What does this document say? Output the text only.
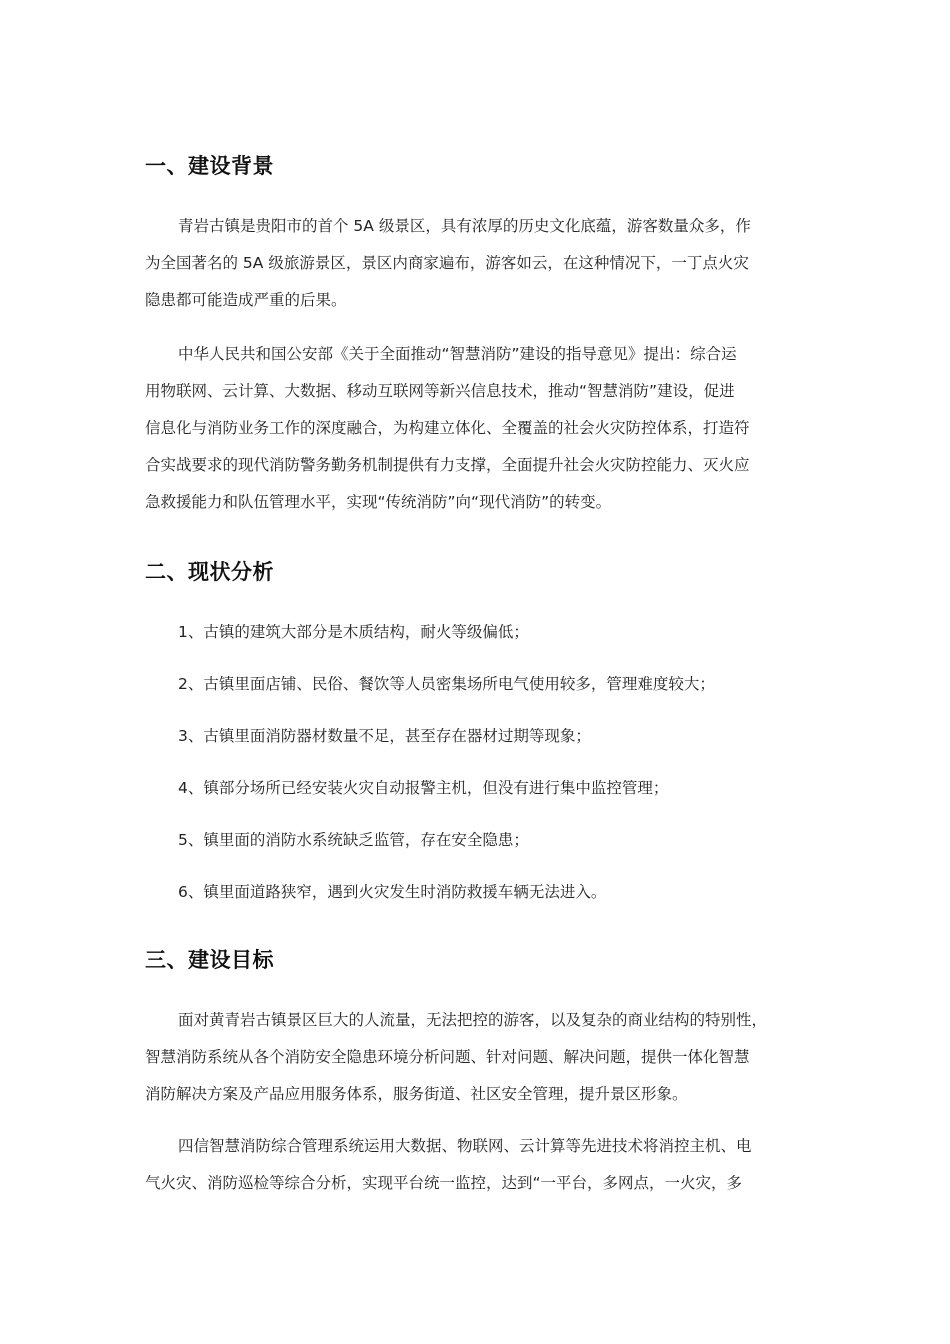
一、建设背景
青岩古镇是贵阳市的首个 5A 级景区，具有浓厚的历史文化底蕴，游客数量众多，作
为全国著名的 5A 级旅游景区，景区内商家遍布，游客如云，在这种情况下，一丁点火灾
隐患都可能造成严重的后果。
中华人民共和国公安部《关于全面推动“智慧消防”建设的指导意见》提出：综合运
用物联网、云计算、大数据、移动互联网等新兴信息技术，推动“智慧消防”建设，促进
信息化与消防业务工作的深度融合，为构建立体化、全覆盖的社会火灾防控体系，打造符
合实战要求的现代消防警务勤务机制提供有力支撑，全面提升社会火灾防控能力、灭火应
急救援能力和队伍管理水平，实现“传统消防”向“现代消防”的转变。
二、现状分析
1、古镇的建筑大部分是木质结构，耐火等级偏低；
2、古镇里面店铺、民俗、餐饮等人员密集场所电气使用较多，管理难度较大；
3、古镇里面消防器材数量不足，甚至存在器材过期等现象；
4、镇部分场所已经安装火灾自动报警主机，但没有进行集中监控管理；
5、镇里面的消防水系统缺乏监管，存在安全隐患；
6、镇里面道路狭窄，遇到火灾发生时消防救援车辆无法进入。
三、建设目标
面对黄青岩古镇景区巨大的人流量，无法把控的游客，以及复杂的商业结构的特别性，
智慧消防系统从各个消防安全隐患环境分析问题、针对问题、解决问题，提供一体化智慧
消防解决方案及产品应用服务体系，服务街道、社区安全管理，提升景区形象。
四信智慧消防综合管理系统运用大数据、物联网、云计算等先进技术将消控主机、电
气火灾、消防巡检等综合分析，实现平台统一监控，达到“一平台，多网点，一火灾，多
